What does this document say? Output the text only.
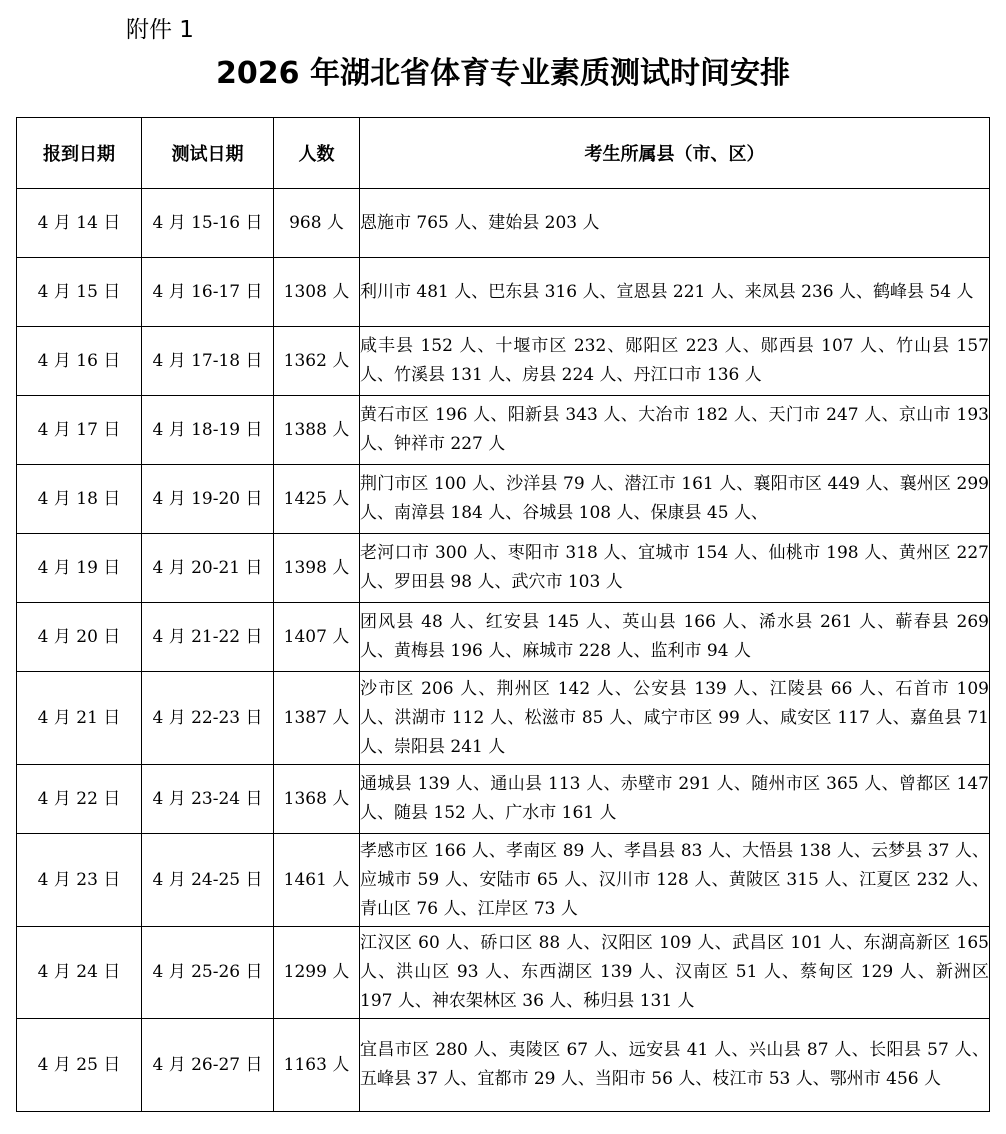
附件 1
2026 年湖北省体育专业素质测试时间安排
报到日期	测试日期	人数	考生所属县（市、区）
4 月 14 日	4 月 15-16 日	968 人	恩施市 765 人、建始县 203 人
4 月 15 日	4 月 16-17 日	1308 人	利川市 481 人、巴东县 316 人、宣恩县 221 人、来凤县 236 人、鹤峰县 54 人
4 月 16 日	4 月 17-18 日	1362 人	咸丰县 152 人、十堰市区 232、郧阳区 223 人、郧西县 107 人、竹山县 157 人、竹溪县 131 人、房县 224 人、丹江口市 136 人
4 月 17 日	4 月 18-19 日	1388 人	黄石市区 196 人、阳新县 343 人、大冶市 182 人、天门市 247 人、京山市 193 人、钟祥市 227 人
4 月 18 日	4 月 19-20 日	1425 人	荆门市区 100 人、沙洋县 79 人、潜江市 161 人、襄阳市区 449 人、襄州区 299 人、南漳县 184 人、谷城县 108 人、保康县 45 人、
4 月 19 日	4 月 20-21 日	1398 人	老河口市 300 人、枣阳市 318 人、宜城市 154 人、仙桃市 198 人、黄州区 227 人、罗田县 98 人、武穴市 103 人
4 月 20 日	4 月 21-22 日	1407 人	团风县 48 人、红安县 145 人、英山县 166 人、浠水县 261 人、蕲春县 269 人、黄梅县 196 人、麻城市 228 人、监利市 94 人
4 月 21 日	4 月 22-23 日	1387 人	沙市区 206 人、荆州区 142 人、公安县 139 人、江陵县 66 人、石首市 109 人、洪湖市 112 人、松滋市 85 人、咸宁市区 99 人、咸安区 117 人、嘉鱼县 71 人、崇阳县 241 人
4 月 22 日	4 月 23-24 日	1368 人	通城县 139 人、通山县 113 人、赤壁市 291 人、随州市区 365 人、曾都区 147 人、随县 152 人、广水市 161 人
4 月 23 日	4 月 24-25 日	1461 人	孝感市区 166 人、孝南区 89 人、孝昌县 83 人、大悟县 138 人、云梦县 37 人、应城市 59 人、安陆市 65 人、汉川市 128 人、黄陂区 315 人、江夏区 232 人、青山区 76 人、江岸区 73 人
4 月 24 日	4 月 25-26 日	1299 人	江汉区 60 人、硚口区 88 人、汉阳区 109 人、武昌区 101 人、东湖高新区 165 人、洪山区 93 人、东西湖区 139 人、汉南区 51 人、蔡甸区 129 人、新洲区 197 人、神农架林区 36 人、秭归县 131 人
4 月 25 日	4 月 26-27 日	1163 人	宜昌市区 280 人、夷陵区 67 人、远安县 41 人、兴山县 87 人、长阳县 57 人、五峰县 37 人、宜都市 29 人、当阳市 56 人、枝江市 53 人、鄂州市 456 人
